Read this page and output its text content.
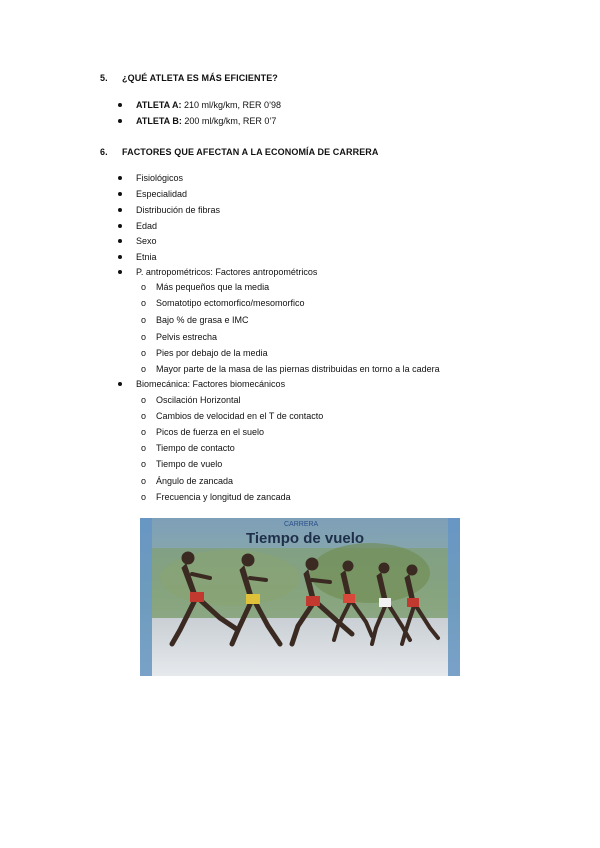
5. ¿QUÉ ATLETA ES MÁS EFICIENTE?
ATLETA A: 210 ml/kg/km, RER 0’98
ATLETA B: 200 ml/kg/km, RER 0’7
6. FACTORES QUE AFECTAN A LA ECONOMÍA DE CARRERA
Fisiológicos
Especialidad
Distribución de fibras
Edad
Sexo
Etnia
P. antropométricos: Factores antropométricos
o Más pequeños que la media
o Somatotipo ectomorfico/mesomorfico
o Bajo % de grasa e IMC
o Pelvis estrecha
o Pies por debajo de la media
o Mayor parte de la masa de las piernas distribuidas en torno a la cadera
Biomecánica: Factores biomecánicos
o Oscilación Horizontal
o Cambios de velocidad en el T de contacto
o Picos de fuerza en el suelo
o Tiempo de contacto
o Tiempo de vuelo
o Ángulo de zancada
o Frecuencia y longitud de zancada
CARRERA
Tiempo de vuelo
